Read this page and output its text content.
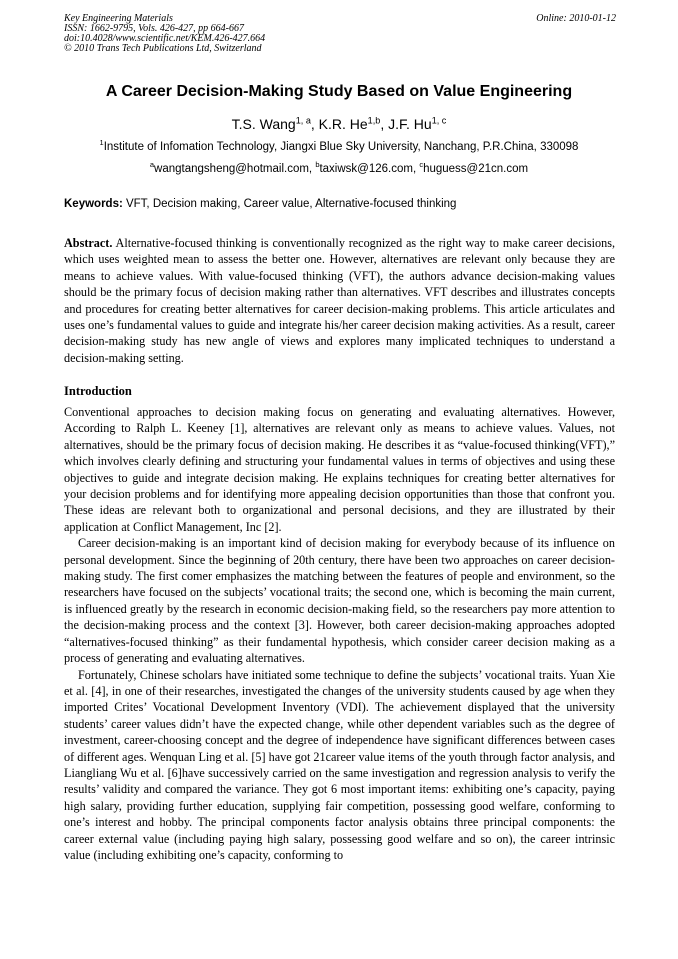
Key Engineering Materials
ISSN: 1662-9795, Vols. 426-427, pp 664-667
doi:10.4028/www.scientific.net/KEM.426-427.664
© 2010 Trans Tech Publications Ltd, Switzerland
Online: 2010-01-12
A Career Decision-Making Study Based on Value Engineering
T.S. Wang$^{1, a}$, K.R. He$^{1,b}$, J.F. Hu$^{1, c}$
$^1$Institute of Infomation Technology, Jiangxi Blue Sky University, Nanchang, P.R.China, 330098
$^a$wangtangsheng@hotmail.com, $^b$taxiwsk@126.com, $^c$huguess@21cn.com
Keywords: VFT, Decision making, Career value, Alternative-focused thinking

Abstract. Alternative-focused thinking is conventionally recognized as the right way to make career decisions, which uses weighted mean to assess the better one. However, alternatives are relevant only because they are means to achieve values. With value-focused thinking (VFT), the authors advance decision-making values should be the primary focus of decision making rather than alternatives. VFT describes and illustrates concepts and procedures for creating better alternatives for career decision-making problems. This article articulates and uses one’s fundamental values to guide and integrate his/her career decision making activities. As a result, career decision-making study has new angle of views and explores many implicated techniques to understand a decision-making setting.

Introduction

Conventional approaches to decision making focus on generating and evaluating alternatives. However, According to Ralph L. Keeney [1], alternatives are relevant only as means to achieve values. Values, not alternatives, should be the primary focus of decision making. He describes it as “value-focused thinking(VFT),” which involves clearly defining and structuring your fundamental values in terms of objectives and using these objectives to guide and integrate decision making. He explains techniques for creating better alternatives for your decision problems and for identifying more appealing decision opportunities than those that confront you. These ideas are relevant both to organizational and personal decisions, and they are illustrated by their application at Conflict Management, Inc [2].

Career decision-making is an important kind of decision making for everybody because of its influence on personal development. Since the beginning of 20th century, there have been two approaches on career decision-making study. The first comer emphasizes the matching between the features of people and environment, so the researchers have focused on the subjects’ vocational traits; the second one, which is becoming the main current, is influenced greatly by the research in economic decision-making field, so the researchers pay more attention to the decision-making process and the context [3]. However, both career decision-making approaches adopted “alternatives-focused thinking” as their fundamental hypothesis, which consider career decision making as a process of generating and evaluating alternatives.

Fortunately, Chinese scholars have initiated some technique to define the subjects’ vocational traits. Yuan Xie et al. [4], in one of their researches, investigated the changes of the university students caused by age when they imported Crites’ Vocational Development Inventory (VDI). The achievement displayed that the university students’ career values didn’t have the expected change, while other dependent variables such as the degree of investment, career-choosing concept and the degree of independence have significant differences between cases of different ages. Wenquan Ling et al. [5] have got 21career value items of the youth through factor analysis, and Liangliang Wu et al. [6]have successively carried on the same investigation and regression analysis to verify the results’ validity and compared the variance. They got 6 most important items: exhibiting one’s capacity, paying high salary, providing further education, supplying fair competition, possessing good welfare, conforming to one’s interest and hobby. The principal components factor analysis obtains three principal components: the career external value (including paying high salary, possessing good welfare and so on), the career intrinsic value (including exhibiting one’s capacity, conforming to
